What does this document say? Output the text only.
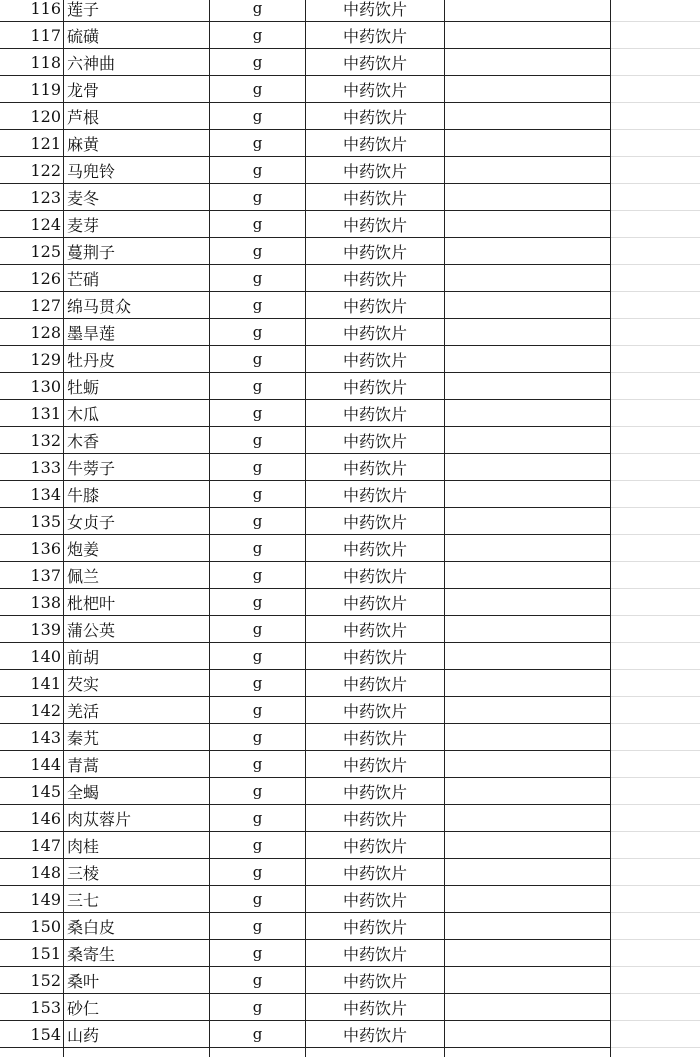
116 莲子	g	中药饮片
117 硫磺	g	中药饮片
118 六神曲	g	中药饮片
119 龙骨	g	中药饮片
120 芦根	g	中药饮片
121 麻黄	g	中药饮片
122 马兜铃	g	中药饮片
123 麦冬	g	中药饮片
124 麦芽	g	中药饮片
125 蔓荆子	g	中药饮片
126 芒硝	g	中药饮片
127 绵马贯众	g	中药饮片
128 墨旱莲	g	中药饮片
129 牡丹皮	g	中药饮片
130 牡蛎	g	中药饮片
131 木瓜	g	中药饮片
132 木香	g	中药饮片
133 牛蒡子	g	中药饮片
134 牛膝	g	中药饮片
135 女贞子	g	中药饮片
136 炮姜	g	中药饮片
137 佩兰	g	中药饮片
138 枇杷叶	g	中药饮片
139 蒲公英	g	中药饮片
140 前胡	g	中药饮片
141 芡实	g	中药饮片
142 羌活	g	中药饮片
143 秦艽	g	中药饮片
144 青蒿	g	中药饮片
145 全蝎	g	中药饮片
146 肉苁蓉片	g	中药饮片
147 肉桂	g	中药饮片
148 三棱	g	中药饮片
149 三七	g	中药饮片
150 桑白皮	g	中药饮片
151 桑寄生	g	中药饮片
152 桑叶	g	中药饮片
153 砂仁	g	中药饮片
154 山药	g	中药饮片
